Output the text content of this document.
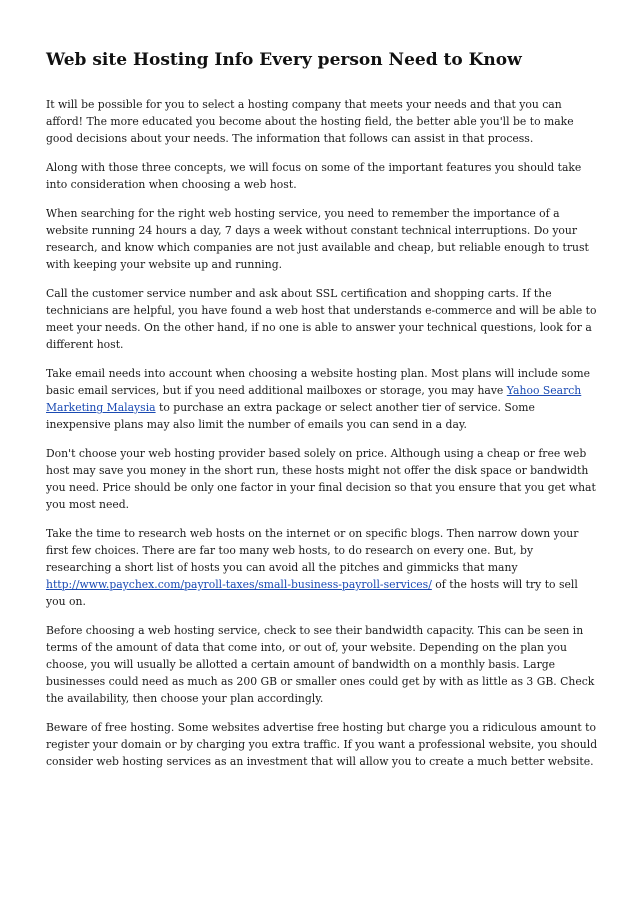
Web site Hosting Info Every person Need to Know

It will be possible for you to select a hosting company that meets your needs and that you can afford! The more educated you become about the hosting field, the better able you'll be to make good decisions about your needs. The information that follows can assist in that process.

Along with those three concepts, we will focus on some of the important features you should take into consideration when choosing a web host.

When searching for the right web hosting service, you need to remember the importance of a website running 24 hours a day, 7 days a week without constant technical interruptions. Do your research, and know which companies are not just available and cheap, but reliable enough to trust with keeping your website up and running.

Call the customer service number and ask about SSL certification and shopping carts. If the technicians are helpful, you have found a web host that understands e-commerce and will be able to meet your needs. On the other hand, if no one is able to answer your technical questions, look for a different host.

Take email needs into account when choosing a website hosting plan. Most plans will include some basic email services, but if you need additional mailboxes or storage, you may have Yahoo Search Marketing Malaysia to purchase an extra package or select another tier of service. Some inexpensive plans may also limit the number of emails you can send in a day.

Don't choose your web hosting provider based solely on price. Although using a cheap or free web host may save you money in the short run, these hosts might not offer the disk space or bandwidth you need. Price should be only one factor in your final decision so that you ensure that you get what you most need.

Take the time to research web hosts on the internet or on specific blogs. Then narrow down your first few choices. There are far too many web hosts, to do research on every one. But, by researching a short list of hosts you can avoid all the pitches and gimmicks that many http://www.paychex.com/payroll-taxes/small-business-payroll-services/ of the hosts will try to sell you on.

Before choosing a web hosting service, check to see their bandwidth capacity. This can be seen in terms of the amount of data that come into, or out of, your website. Depending on the plan you choose, you will usually be allotted a certain amount of bandwidth on a monthly basis. Large businesses could need as much as 200 GB or smaller ones could get by with as little as 3 GB. Check the availability, then choose your plan accordingly.

Beware of free hosting. Some websites advertise free hosting but charge you a ridiculous amount to register your domain or by charging you extra traffic. If you want a professional website, you should consider web hosting services as an investment that will allow you to create a much better website.
